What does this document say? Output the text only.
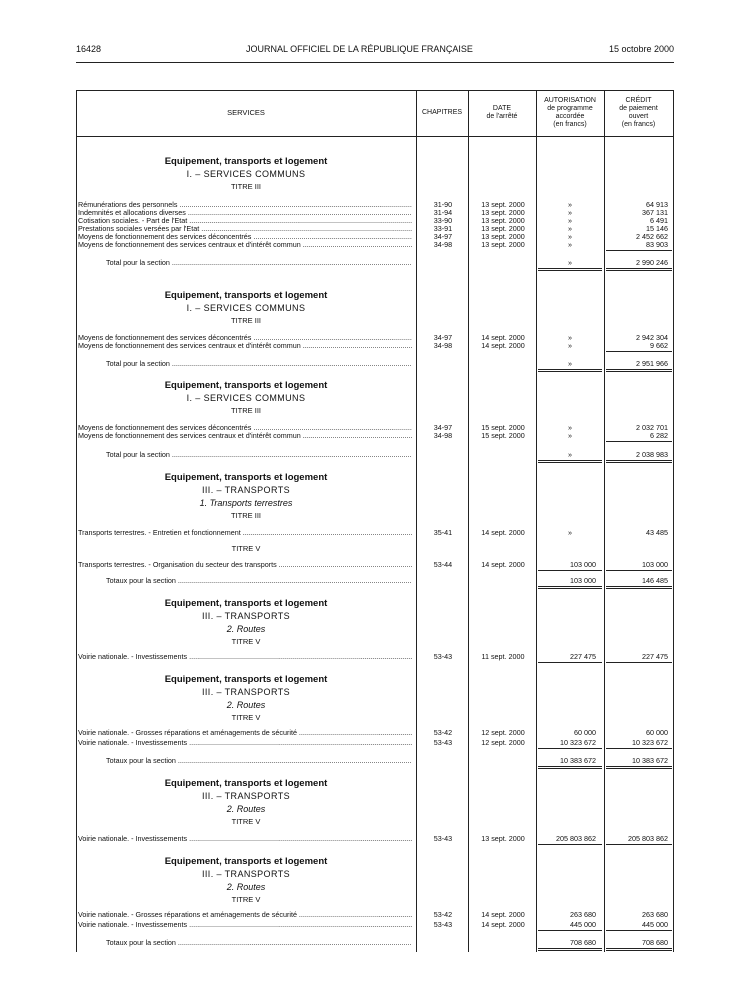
16428	JOURNAL OFFICIEL DE LA RÉPUBLIQUE FRANÇAISE	15 octobre 2000
SERVICES	CHAPITRES
DATE
de l'arrêté
AUTORISATION
de programme
accordée
(en francs)
CRÉDIT
de paiement
ouvert
(en francs)
Equipement, transports et logement
I. – SERVICES COMMUNS
TITRE III
Rémunérations des personnels .....	31-90	13 sept. 2000	»	64 913
Indemnités et allocations diverses .....	31-94	13 sept. 2000	»	367 131
Cotisation sociales. - Part de l'Etat .....	33-90	13 sept. 2000	»	6 491
Prestations sociales versées par l'Etat .....	33-91	13 sept. 2000	»	15 146
Moyens de fonctionnement des services déconcentrés .....	34-97	13 sept. 2000	»	2 452 662
Moyens de fonctionnement des services centraux et d'intérêt commun .....	34-98	13 sept. 2000	»	83 903
Total pour la section .....	»	2 990 246
Equipement, transports et logement
I. – SERVICES COMMUNS
TITRE III
Moyens de fonctionnement des services déconcentrés .....	34-97	14 sept. 2000	»	2 942 304
Moyens de fonctionnement des services centraux et d'intérêt commun .....	34-98	14 sept. 2000	»	9 662
Total pour la section .....	»	2 951 966
Equipement, transports et logement
I. – SERVICES COMMUNS
TITRE III
Moyens de fonctionnement des services déconcentrés .....	34-97	15 sept. 2000	»	2 032 701
Moyens de fonctionnement des services centraux et d'intérêt commun .....	34-98	15 sept. 2000	»	6 282
Total pour la section .....	»	2 038 983
Equipement, transports et logement
III. – TRANSPORTS
1. Transports terrestres
TITRE III
Transports terrestres. - Entretien et fonctionnement .....	35-41	14 sept. 2000	»	43 485
TITRE V
Transports terrestres. - Organisation du secteur des transports .....	53-44	14 sept. 2000	103 000	103 000
Totaux pour la section .....	103 000	146 485
Equipement, transports et logement
III. – TRANSPORTS
2. Routes
TITRE V
Voirie nationale. - Investissements .....	53-43	11 sept. 2000	227 475	227 475
Equipement, transports et logement
III. – TRANSPORTS
2. Routes
TITRE V
Voirie nationale. - Grosses réparations et aménagements de sécurité .....	53-42	12 sept. 2000	60 000	60 000
Voirie nationale. - Investissements .....	53-43	12 sept. 2000	10 323 672	10 323 672
Totaux pour la section .....	10 383 672	10 383 672
Equipement, transports et logement
III. – TRANSPORTS
2. Routes
TITRE V
Voirie nationale. - Investissements .....	53-43	13 sept. 2000	205 803 862	205 803 862
Equipement, transports et logement
III. – TRANSPORTS
2. Routes
TITRE V
Voirie nationale. - Grosses réparations et aménagements de sécurité .....	53-42	14 sept. 2000	263 680	263 680
Voirie nationale. - Investissements .....	53-43	14 sept. 2000	445 000	445 000
Totaux pour la section .....	708 680	708 680
